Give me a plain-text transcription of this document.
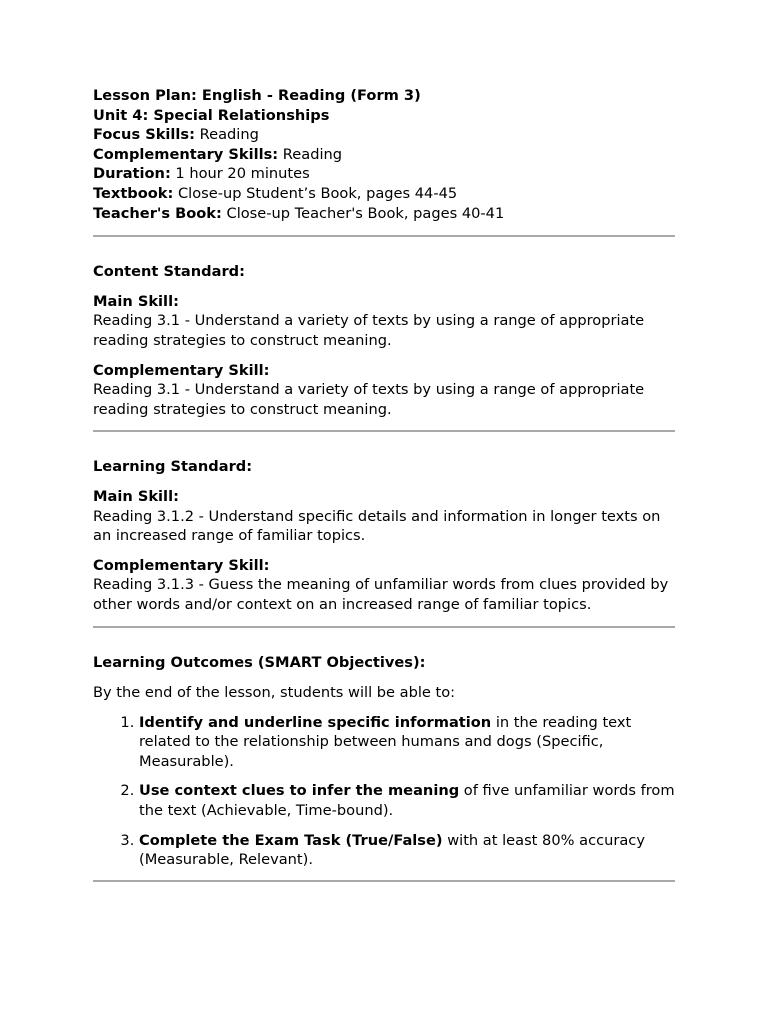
Lesson Plan: English - Reading (Form 3)
Unit 4: Special Relationships
Focus Skills: Reading
Complementary Skills: Reading
Duration: 1 hour 20 minutes
Textbook: Close-up Student’s Book, pages 44-45
Teacher's Book: Close-up Teacher's Book, pages 40-41
Content Standard:
Main Skill:
Reading 3.1 - Understand a variety of texts by using a range of appropriate reading strategies to construct meaning.
Complementary Skill:
Reading 3.1 - Understand a variety of texts by using a range of appropriate reading strategies to construct meaning.
Learning Standard:
Main Skill:
Reading 3.1.2 - Understand specific details and information in longer texts on an increased range of familiar topics.
Complementary Skill:
Reading 3.1.3 - Guess the meaning of unfamiliar words from clues provided by other words and/or context on an increased range of familiar topics.
Learning Outcomes (SMART Objectives):
By the end of the lesson, students will be able to:
1. Identify and underline specific information in the reading text related to the relationship between humans and dogs (Specific, Measurable).
2. Use context clues to infer the meaning of five unfamiliar words from the text (Achievable, Time-bound).
3. Complete the Exam Task (True/False) with at least 80% accuracy (Measurable, Relevant).
